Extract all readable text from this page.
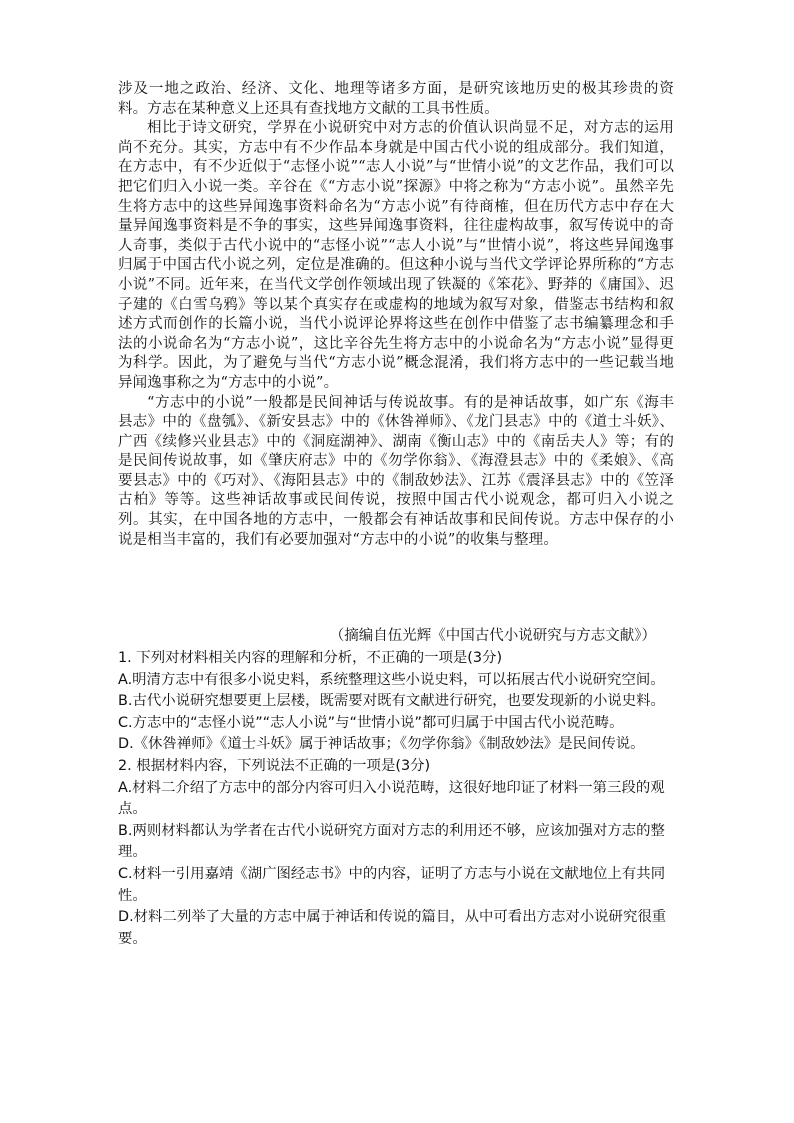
涉及一地之政治、经济、文化、地理等诸多方面，是研究该地历史的极其珍贵的资料。方志在某种意义上还具有查找地方文献的工具书性质。

相比于诗文研究，学界在小说研究中对方志的价值认识尚显不足，对方志的运用尚不充分。其实，方志中有不少作品本身就是中国古代小说的组成部分。我们知道，在方志中，有不少近似于“志怪小说”“志人小说”与“世情小说”的文艺作品，我们可以把它们归入小说一类。辛谷在《“方志小说”探源》中将之称为“方志小说”。虽然辛先生将方志中的这些异闻逸事资料命名为“方志小说”有待商榷，但在历代方志中存在大量异闻逸事资料是不争的事实，这些异闻逸事资料，往往虚构故事，叙写传说中的奇人奇事，类似于古代小说中的“志怪小说”“志人小说”与“世情小说”，将这些异闻逸事归属于中国古代小说之列，定位是准确的。但这种小说与当代文学评论界所称的“方志小说”不同。近年来，在当代文学创作领域出现了铁凝的《笨花》、野莽的《庸国》、迟子建的《白雪乌鸦》等以某个真实存在或虚构的地域为叙写对象，借鉴志书结构和叙述方式而创作的长篇小说，当代小说评论界将这些在创作中借鉴了志书编纂理念和手法的小说命名为“方志小说”，这比辛谷先生将方志中的小说命名为“方志小说”显得更为科学。因此，为了避免与当代“方志小说”概念混淆，我们将方志中的一些记载当地异闻逸事称之为“方志中的小说”。

“方志中的小说”一般都是民间神话与传说故事。有的是神话故事，如广东《海丰县志》中的《盘瓠》、《新安县志》中的《休咎禅师》、《龙门县志》中的《道士斗妖》、广西《续修兴业县志》中的《洞庭湖神》、湖南《衡山志》中的《南岳夫人》等；有的是民间传说故事，如《肇庆府志》中的《勿学你翁》、《海澄县志》中的《柔娘》、《高要县志》中的《巧对》、《海阳县志》中的《制敌妙法》、江苏《震泽县志》中的《笠泽古柏》等等。这些神话故事或民间传说，按照中国古代小说观念，都可归入小说之列。其实，在中国各地的方志中，一般都会有神话故事和民间传说。方志中保存的小说是相当丰富的，我们有必要加强对“方志中的小说”的收集与整理。

（摘编自伍光辉《中国古代小说研究与方志文献》）

1. 下列对材料相关内容的理解和分析，不正确的一项是(3分)

A.明清方志中有很多小说史料，系统整理这些小说史料，可以拓展古代小说研究空间。

B.古代小说研究想要更上层楼，既需要对既有文献进行研究，也要发现新的小说史料。

C.方志中的“志怪小说”“志人小说”与“世情小说”都可归属于中国古代小说范畴。

D.《休咎禅师》《道士斗妖》属于神话故事；《勿学你翁》《制敌妙法》是民间传说。

2. 根据材料内容，下列说法不正确的一项是(3分)

A.材料二介绍了方志中的部分内容可归入小说范畴，这很好地印证了材料一第三段的观点。

B.两则材料都认为学者在古代小说研究方面对方志的利用还不够，应该加强对方志的整理。

C.材料一引用嘉靖《湖广图经志书》中的内容，证明了方志与小说在文献地位上有共同性。

D.材料二列举了大量的方志中属于神话和传说的篇目，从中可看出方志对小说研究很重要。
